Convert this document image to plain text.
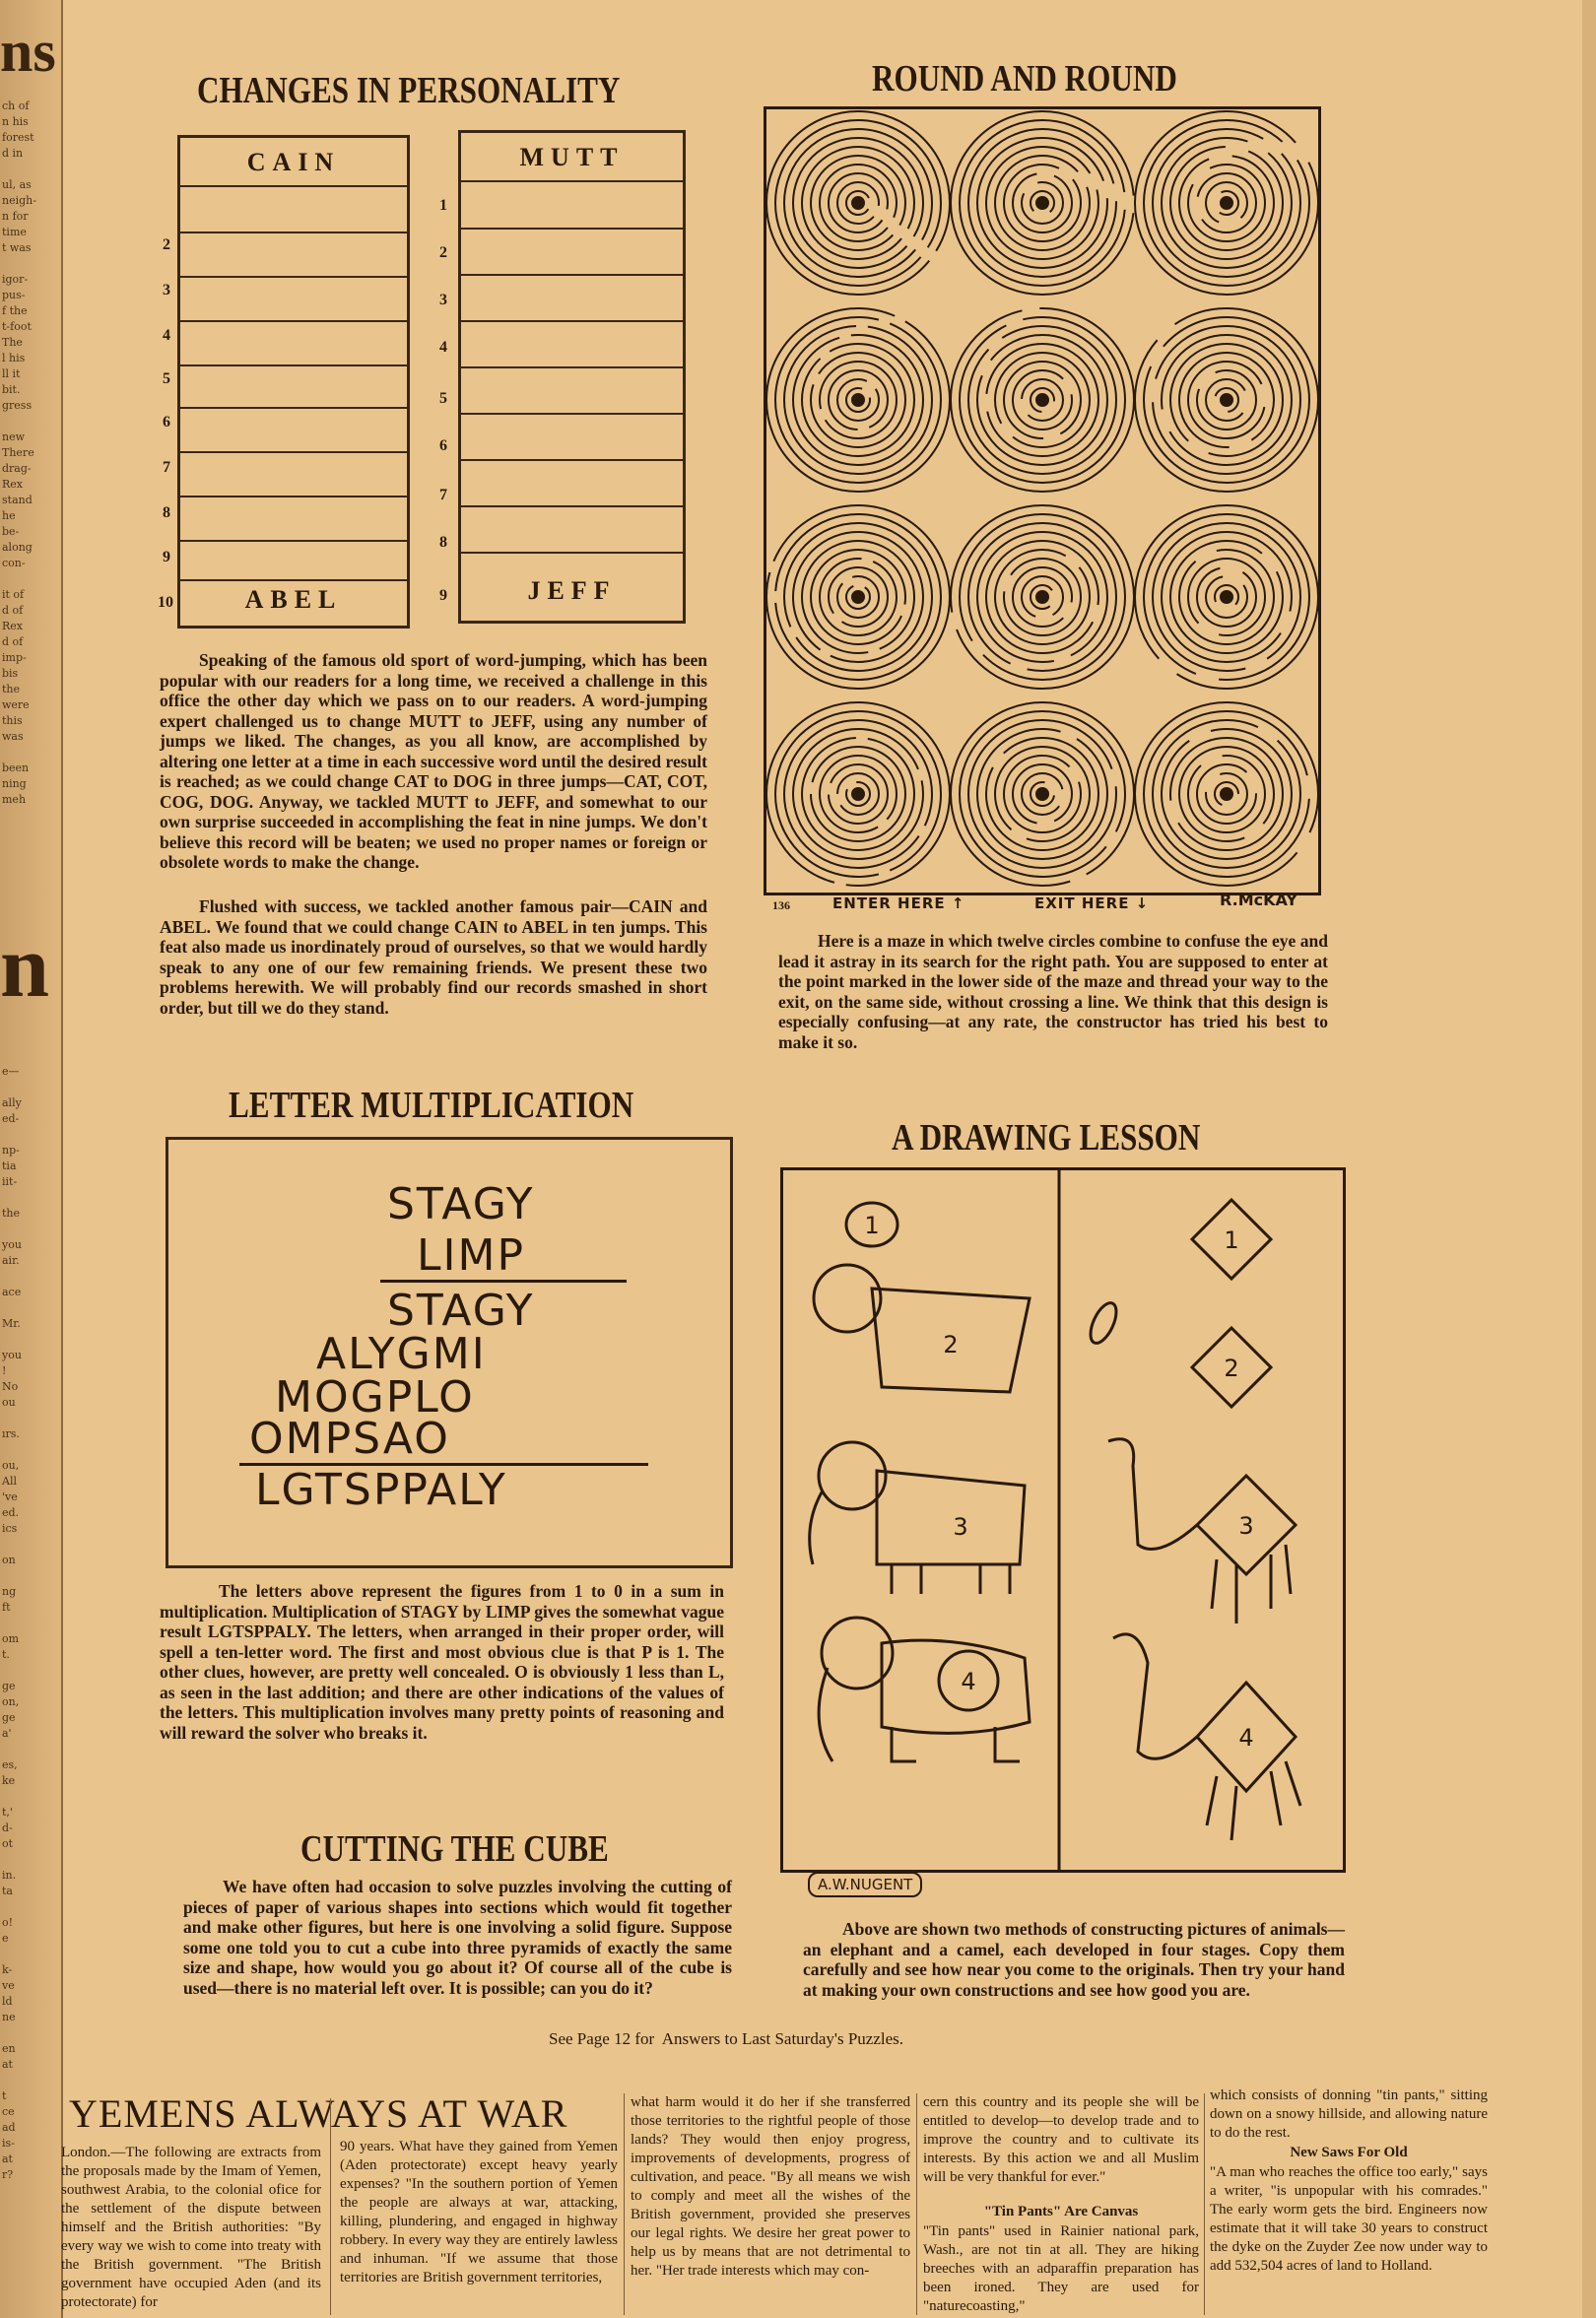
ns
n
ch of
n his
forest
d in

ul, as
neigh-
n for
time
t was

igor-
pus-
f the
t-foot
The
l his
ll it
bit.
gress

new
There
drag-
Rex
stand
he
be-
along
con-

it of
d of
Rex
d of
imp-
bis
the
were
this
was

been
ning
meh
e—

ally
ed-

np-
tia
iit-

the

you
air.

ace

Mr.

you
!
No
ou

ırs.

ou,
All
've
ed.
ics

on

ng
ft

om
t.

ge
on,
ge
a'

es,
ke

t,'
d-
ot

in.
ta

o!
e

k-
ve
ld
ne

en
at

t
ce
ad
is-
at
r?
CHANGES IN PERSONALITY
CAIN
ABEL
2
3
4
5
6
7
8
9
10
MUTT
JEFF
1
2
3
4
5
6
7
8
9

Speaking of the famous old sport of word-jumping, which has been popular with our readers for a long time, we received a challenge in this office the other day which we pass on to our readers. A word-jumping expert challenged us to change MUTT to JEFF, using any number of jumps we liked. The changes, as you all know, are accomplished by altering one letter at a time in each successive word until the desired result is reached; as we could change CAT to DOG in three jumps—CAT, COT, COG, DOG. Anyway, we tackled MUTT to JEFF, and somewhat to our own surprise succeeded in accomplishing the feat in nine jumps. We don't believe this record will be beaten; we used no proper names or foreign or obsolete words to make the change.

Flushed with success, we tackled another famous pair—CAIN and ABEL. We found that we could change CAIN to ABEL in ten jumps. This feat also made us inordinately proud of ourselves, so that we would hardly speak to any one of our few remaining friends. We present these two problems herewith. We will probably find our records smashed in short order, but till we do they stand.

ROUND AND ROUND
136	ENTER HERE ↑	EXIT HERE ↓	R.McKAY

Here is a maze in which twelve circles combine to confuse the eye and lead it astray in its search for the right path. You are supposed to enter at the point marked in the lower side of the maze and thread your way to the exit, on the same side, without crossing a line. We think that this design is especially confusing—at any rate, the constructor has tried his best to make it so.

LETTER MULTIPLICATION
STAGY
LIMP
STAGY
ALYGMI
MOGPLO
OMPSAO
LGTSPPALY

The letters above represent the figures from 1 to 0 in a sum in multiplication. Multiplication of STAGY by LIMP gives the somewhat vague result LGTSPPALY. The letters, when arranged in their proper order, will spell a ten-letter word. The first and most obvious clue is that P is 1. The other clues, however, are pretty well concealed. O is obviously 1 less than L, as seen in the last addition; and there are other indications of the values of the letters. This multiplication involves many pretty points of reasoning and will reward the solver who breaks it.

CUTTING THE CUBE

We have often had occasion to solve puzzles involving the cutting of pieces of paper of various shapes into sections which would fit together and make other figures, but here is one involving a solid figure. Suppose some one told you to cut a cube into three pyramids of exactly the same size and shape, how would you go about it? Of course all of the cube is used—there is no material left over. It is possible; can you do it?

A DRAWING LESSON
1
2
3
4
1
2
3
4
A.W.NUGENT

Above are shown two methods of constructing pictures of animals—an elephant and a camel, each developed in four stages. Copy them carefully and see how near you come to the originals. Then try your hand at making your own constructions and see how good you are.

See Page 12 for  Answers to Last Saturday's Puzzles.
YEMENS ALWAYS AT WAR

London.—The following are extracts from the proposals made by the Imam of Yemen, southwest Arabia, to the colonial ofice for the settlement of the dispute between himself and the British authorities: "By every way we wish to come into treaty with the British government. "The British government have occupied Aden (and its protectorate) for

90 years. What have they gained from Yemen (Aden protectorate) except heavy yearly expenses? "In the southern portion of Yemen the people are always at war, attacking, killing, plundering, and engaged in highway robbery. In every way they are entirely lawless and inhuman. "If we assume that those territories are British government territories,

what harm would it do her if she transferred those territories to the rightful people of those lands? They would then enjoy progress, improvements of developments, progress of cultivation, and peace. "By all means we wish to comply and meet all the wishes of the British government, provided she preserves our legal rights. We desire her great power to help us by means that are not detrimental to her. "Her trade interests which may con-

cern this country and its people she will be entitled to develop—to develop trade and to improve the country and to cultivate its interests. By this action we and all Muslim will be very thankful for ever."

"Tin Pants" Are Canvas

"Tin pants" used in Rainier national park, Wash., are not tin at all. They are hiking breeches with an adparaffin preparation has been ironed. They are used for "naturecoasting,"

which consists of donning "tin pants," sitting down on a snowy hillside, and allowing nature to do the rest.

New Saws For Old

"A man who reaches the office too early," says a writer, "is unpopular with his comrades." The early worm gets the bird. Engineers now estimate that it will take 30 years to construct the dyke on the Zuyder Zee now under way to add 532,504 acres of land to Holland.
